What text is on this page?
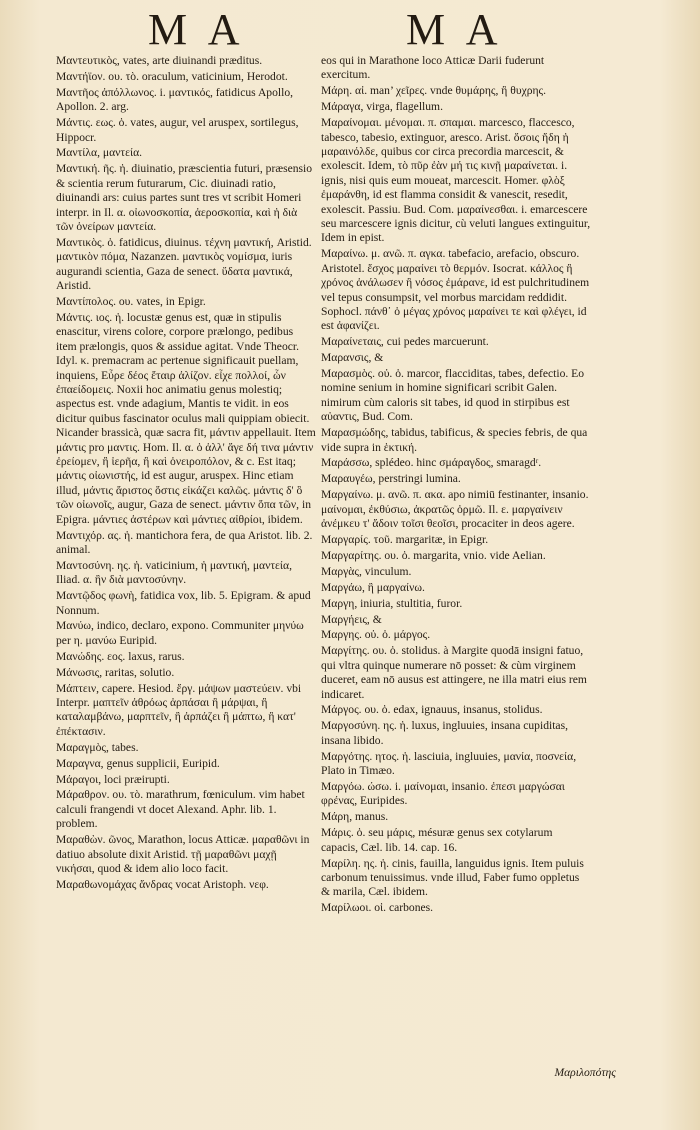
M A	M A
Μαντευτικὸς, vates, arte diuinandi præditus.
Μαντήϊον. ου. τὸ. oraculum, vaticinium, Herodot.
Μαντῆος ἀπόλλωνος. i. μαντικός, fatidicus Apollo, Apollon. 2. arg.
Μάντις. εως. ὁ. vates, augur, vel aruspex, sortilegus, Hippocr.
Μαντίλα, μαντεία.
Μαντική. ῆς. ἡ. diuinatio, præscientia futuri, præsensio & scientia rerum futurarum, Cic. diuinadi ratio, diuinandi ars: cuius partes sunt tres vt scribit Homeri interpr. in Il. α. οἰωνοσκοπία, ἀεροσκοπία, καὶ ἡ διὰ τῶν ὀνείρων μαντεία.
Μαντικὸς. ὁ. fatidicus, diuinus. τέχνη μαντική, Aristid. μαντικὸν πόμα, Nazanzen. μαντικὸς νομίσμα, iuris augurandi scientia, Gaza de senect. ὕδατα μαντικά, Aristid.
Μαντίπολος. ου. vates, in Epigr.
Μάντις. ιος. ἡ. locustæ genus est, quæ in stipulis enascitur, virens colore, corpore prælongo, pedibus item prælongis, quos & assidue agitat. Vnde Theocr. Idyl. κ. premacram ac pertenue significauit puellam, inquiens, Εὖρε δέος ἔταιρ ἀλίζον. εἶχε πολλοί, ὧν ἐπαείδομεις. Noxii hoc animatiu genus molestiq; aspectus est. vnde adagium, Mantis te vidit. in eos dicitur quibus fascinator oculus mali quippiam obiecit. Nicander brassicà, quæ sacra fit, μάντιν appellauit. Item μάντις pro μαντις. Hom. Il. α. ὁ ἀλλ' ἄγε δή τινα μάντιν ἐρείομεν, ἢ ἱερῆα, ἢ καὶ ὀνειροπόλον, & c. Est itaq; μάντις οἰωνιστής, id est augur, aruspex. Hinc etiam illud, μάντις ἄριστος ὅστις εἰκάζει καλῶς. μάντις δ' ὃ τῶν οἰωνοῖς, augur, Gaza de senect. μάντιν ὄπα τῶν, in Epigra. μάντιες ἀστέρων καὶ μάντιες αἰθρίοι, ibidem.
Μαντιχόρ. ας. ἡ. mantichora fera, de qua Aristot. lib. 2. animal.
Μαντοσύνη. ης. ἡ. vaticinium, ἡ μαντική, μαντεία, Iliad. α. ἣν διὰ μαντοσύνην.
Μαντῷδος φωνὴ, fatidica vox, lib. 5. Epigram. & apud Nonnum.
Μανύω, indico, declaro, expono. Communiter μηνύω per η. μανύω Euripid.
Μανώδης. εος. laxus, rarus.
Μάνωσις, raritas, solutio.
Μάπτειν, capere. Hesiod. ἔργ. μάψων μαστεύειν. vbi Interpr. μαπτεῖν ἀθρόως ἀρπάσαι ἢ μάρψαι, ἢ καταλαμβάνω, μαρπτεῖν, ἢ ἀρπάζει ἢ μάπτω, ἢ κατ' ἐπέκτασιν.
Μαραγμὸς, tabes.
Μαραγνα, genus supplicii, Euripid.
Μάραγοι, loci præirupti.
Μάραθρον. ου. τὸ. marathrum, fœniculum. vim habet calculi frangendi vt docet Alexand. Aphr. lib. 1. problem.
Μαραθὼν. ῶνος, Marathon, locus Atticæ. μαραθῶνι in datiuo absolute dixit Aristid. τῇ μαραθῶνι μαχῇ νικήσαι, quod & idem alio loco facit.
Μαραθωνομάχας ἄνδρας vocat Aristoph. νεφ.
eos qui in Marathone loco Atticæ Darii fuderunt exercitum.
Μάρη. αἰ. man’ χεῖρες. vnde θυμάρης, ἢ θυχρης.
Μάραγα, virga, flagellum.
Μαραίνομαι. μένομαι. π. σπαμαι. marcesco, flaccesco, tabesco, tabesio, extinguor, aresco. Arist. ὅσοις ἤδη ἡ μαραινόλδε, quibus cor circa precordia marcescit, & exolescit. Idem, τὸ πῦρ ἐὰν μή τις κινῇ μαραίνεται. i. ignis, nisi quis eum moueat, marcescit. Homer. φλὸξ ἐμαράνθη, id est flamma considit & vanescit, resedit, exolescit. Passiu. Bud. Com. μαραίνεσθαι. i. emarcescere seu marcescere ignis dicitur, cù veluti langues extinguitur, Idem in epist.
Μαραίνω. μ. ανῶ. π. αγκα. tabefacio, arefacio, obscuro. Aristotel. ἔσχος μαραίνει τὸ θερμόν. Isocrat. κάλλος ἢ χρόνος ἀνάλωσεν ἢ νόσος ἐμάρανε, id est pulchritudinem vel tepus consumpsit, vel morbus marcidam reddidit. Sophocl. πάνθ᾽ ὁ μέγας χρόνος μαραίνει τε καὶ φλέγει, id est ἀφανίζει.
Μαραίνεταις, cui pedes marcuerunt.
Μαρανσις, &
Μαρασμὸς. οὐ. ὁ. marcor, flacciditas, tabes, defectio. Eo nomine senium in homine significari scribit Galen. nimirum cùm caloris sit tabes, id quod in stirpibus est αὐαντις, Bud. Com.
Μαρασμώδης, tabidus, tabificus, & species febris, de qua vide supra in ἑκτική.
Μαράσσω, splédeo. hinc σμάραγδος, smaragdʳ.
Μαραυγέω, perstringi lumina.
Μαργαίνω. μ. ανῶ. π. ακα. apo nimiū festinanter, insanio. μαίνομαι, ἐκθύσιω, ἀκρατῶς ὁρμῶ. Il. ε. μαργαίνειν ἀνέμκευ τ' ἄδοιν τοῖσι θεοῖσι, procaciter in deos agere.
Μαργαρίς. τοῦ. margaritæ, in Epigr.
Μαργαρίτης. ου. ὁ. margarita, vnio. vide Aelian.
Μαργὰς, vinculum.
Μαργάω, ἢ μαργαίνω.
Μαργη, iniuria, stultitia, furor.
Μαργήεις, &
Μαργης. οὐ. ὁ. μάργος.
Μαργίτης. ου. ὁ. stolidus. à Margite quodā insigni fatuo, qui vltra quinque numerare nō posset: & cùm virginem duceret, eam nō ausus est attingere, ne illa matri eius rem indicaret.
Μάργος. ου. ὁ. edax, ignauus, insanus, stolidus.
Μαργοσύνη. ης. ἡ. luxus, ingluuies, insana cupiditas, insana libido.
Μαργότης. ητος. ἡ. lasciuia, ingluuies, μανία, ποσνεία, Plato in Timæo.
Μαργόω. ώσω. i. μαίνομαι, insanio. ἐπεσι μαργώσαι φρένας, Euripides.
Μάρη, manus.
Μάρις. ὁ. seu μάρις, mésuræ genus sex cotylarum capacis, Cæl. lib. 14. cap. 16.
Μαρίλη. ης. ἡ. cinis, fauilla, languidus ignis. Item puluis carbonum tenuissimus. vnde illud, Faber fumo oppletus & marila, Cæl. ibidem.
Μαρίλωοι. οἱ. carbones.
Μαριλοπότης
